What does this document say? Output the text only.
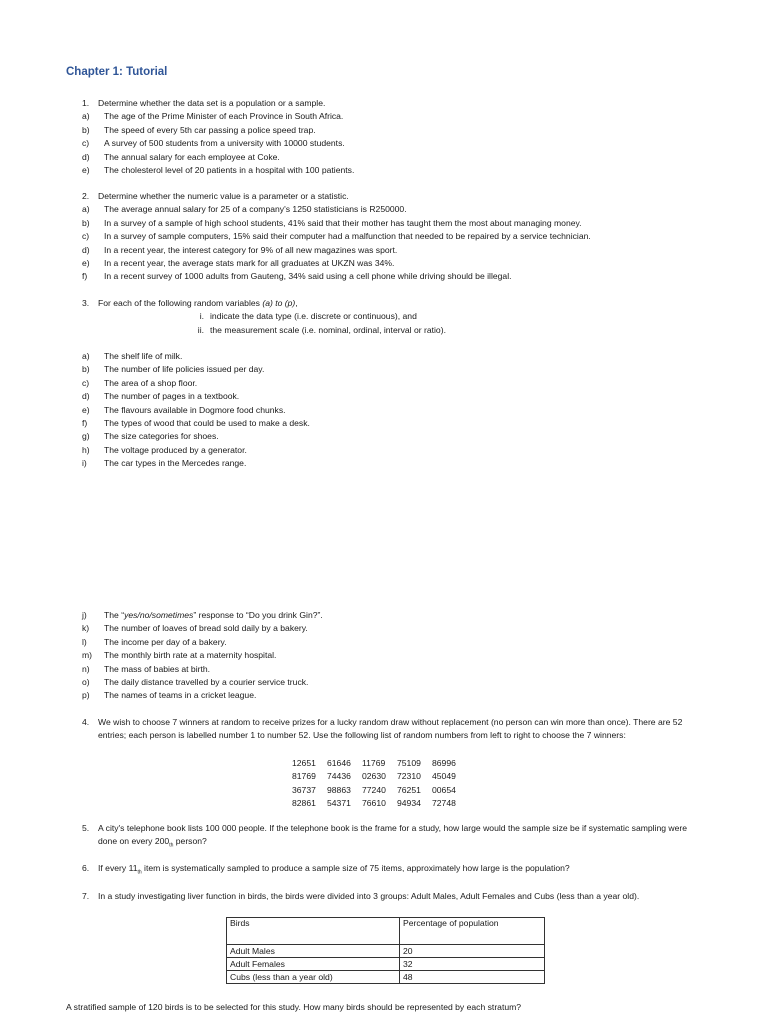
Chapter 1: Tutorial
1. Determine whether the data set is a population or a sample.
a) The age of the Prime Minister of each Province in South Africa.
b) The speed of every 5th car passing a police speed trap.
c) A survey of 500 students from a university with 10000 students.
d) The annual salary for each employee at Coke.
e) The cholesterol level of 20 patients in a hospital with 100 patients.
2. Determine whether the numeric value is a parameter or a statistic.
a) The average annual salary for 25 of a company's 1250 statisticians is R250000.
b) In a survey of a sample of high school students, 41% said that their mother has taught them the most about managing money.
c) In a survey of sample computers, 15% said their computer had a malfunction that needed to be repaired by a service technician.
d) In a recent year, the interest category for 9% of all new magazines was sport.
e) In a recent year, the average stats mark for all graduates at UKZN was 34%.
f) In a recent survey of 1000 adults from Gauteng, 34% said using a cell phone while driving should be illegal.
3. For each of the following random variables (a) to (p),
i. indicate the data type (i.e. discrete or continuous), and
ii. the measurement scale (i.e. nominal, ordinal, interval or ratio).
a) The shelf life of milk.
b) The number of life policies issued per day.
c) The area of a shop floor.
d) The number of pages in a textbook.
e) The flavours available in Dogmore food chunks.
f) The types of wood that could be used to make a desk.
g) The size categories for shoes.
h) The voltage produced by a generator.
i) The car types in the Mercedes range.
j) The “yes/no/sometimes” response to “Do you drink Gin?”.
k) The number of loaves of bread sold daily by a bakery.
l) The income per day of a bakery.
m) The monthly birth rate at a maternity hospital.
n) The mass of babies at birth.
o) The daily distance travelled by a courier service truck.
p) The names of teams in a cricket league.
4. We wish to choose 7 winners at random to receive prizes for a lucky random draw without replacement (no person can win more than once). There are 52 entries; each person is labelled number 1 to number 52. Use the following list of random numbers from left to right to choose the 7 winners:
12651 61646 11769 75109 86996
81769 74436 02630 72310 45049
36737 98863 77240 76251 00654
82861 54371 76610 94934 72748
5. A city's telephone book lists 100 000 people. If the telephone book is the frame for a study, how large would the sample size be if systematic sampling were done on every $200_{th}$ person?
6. If every $11_{th}$ item is systematically sampled to produce a sample size of 75 items, approximately how large is the population?
7. In a study investigating liver function in birds, the birds were divided into 3 groups: Adult Males, Adult Females and Cubs (less than a year old).
Birds	Percentage of population
Adult Males	20
Adult Females	32
Cubs (less than a year old)	48
A stratified sample of 120 birds is to be selected for this study. How many birds should be represented by each stratum?
